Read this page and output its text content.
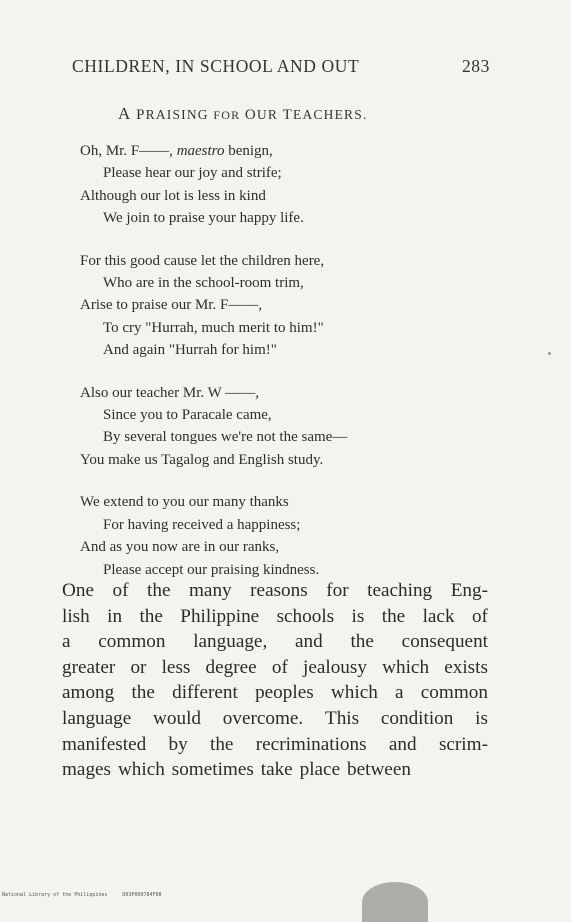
CHILDREN, IN SCHOOL AND OUT	283
A PRAISING FOR OUR TEACHERS.
Oh, Mr. F——, maestro benign,
Please hear our joy and strife;
Although our lot is less in kind
We join to praise your happy life.
For this good cause let the children here,
Who are in the school-room trim,
Arise to praise our Mr. F——,
To cry "Hurrah, much merit to him!"
And again "Hurrah for him!"
Also our teacher Mr. W ——,
Since you to Paracale came,
By several tongues we're not the same—
You make us Tagalog and English study.
We extend to you our many thanks
For having received a happiness;
And as you now are in our ranks,
Please accept our praising kindness.
One of the many reasons for teaching Eng-
lish in the Philippine schools is the lack of
a common language, and the consequent
greater or less degree of jealousy which exists
among the different peoples which a common
language would overcome. This condition is
manifested by the recriminations and scrim-
mages which sometimes take place between
National Library of the Philippines	D03P009784F08
